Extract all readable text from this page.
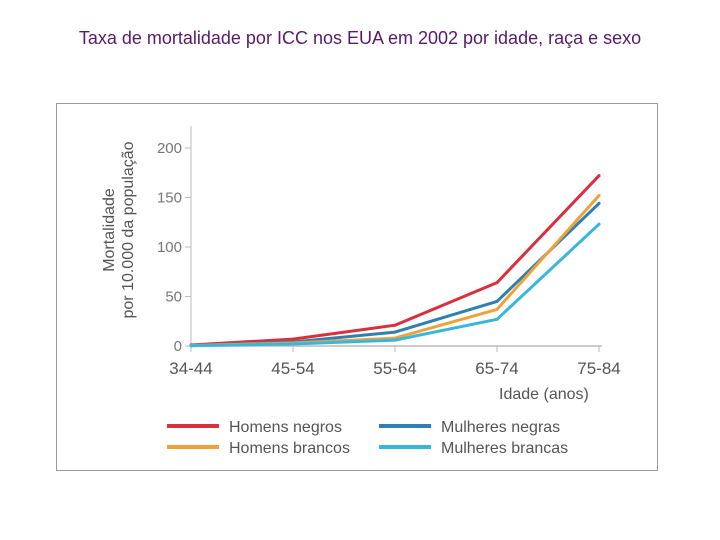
Taxa de mortalidade por ICC nos EUA em 2002 por idade, raça e sexo
0
50
100
150
200
34-44	45-54	55-64	65-74	75-84
Mortalidade por 10.000 da população
Idade (anos)
Homens negros	Mulheres negras
Homens brancos	Mulheres brancas
